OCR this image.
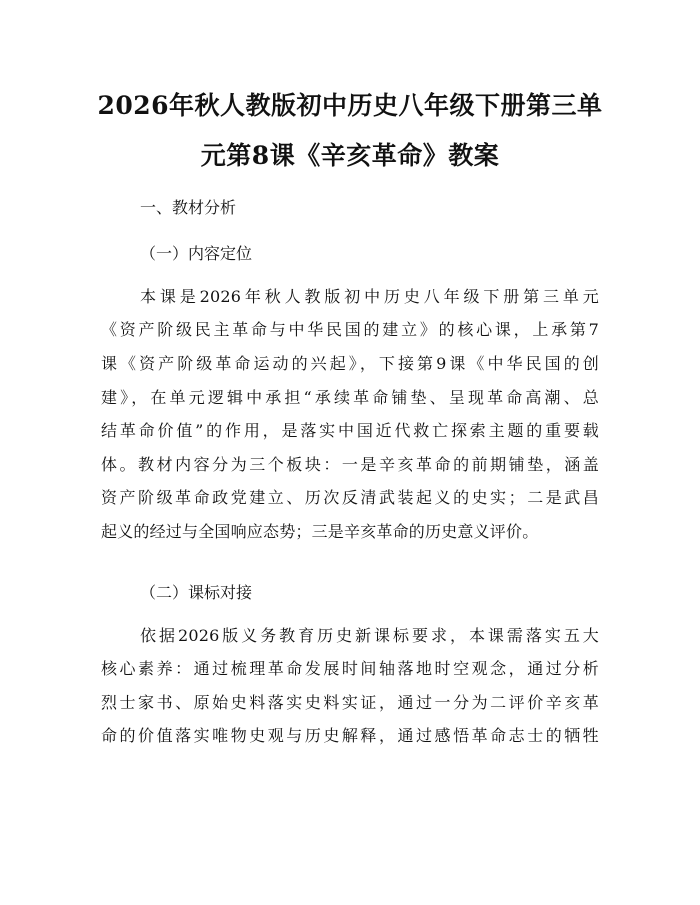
2026年秋人教版初中历史八年级下册第三单
元第8课《辛亥革命》教案
一、教材分析
（一）内容定位
本课是2026年秋人教版初中历史八年级下册第三单元
《资产阶级民主革命与中华民国的建立》的核心课，上承第7
课《资产阶级革命运动的兴起》，下接第9课《中华民国的创
建》，在单元逻辑中承担“承续革命铺垫、呈现革命高潮、总
结革命价值”的作用，是落实中国近代救亡探索主题的重要载
体。教材内容分为三个板块：一是辛亥革命的前期铺垫，涵盖
资产阶级革命政党建立、历次反清武装起义的史实；二是武昌
起义的经过与全国响应态势；三是辛亥革命的历史意义评价。
（二）课标对接
依据2026版义务教育历史新课标要求，本课需落实五大
核心素养：通过梳理革命发展时间轴落地时空观念，通过分析
烈士家书、原始史料落实史料实证，通过一分为二评价辛亥革
命的价值落实唯物史观与历史解释，通过感悟革命志士的牺牲
